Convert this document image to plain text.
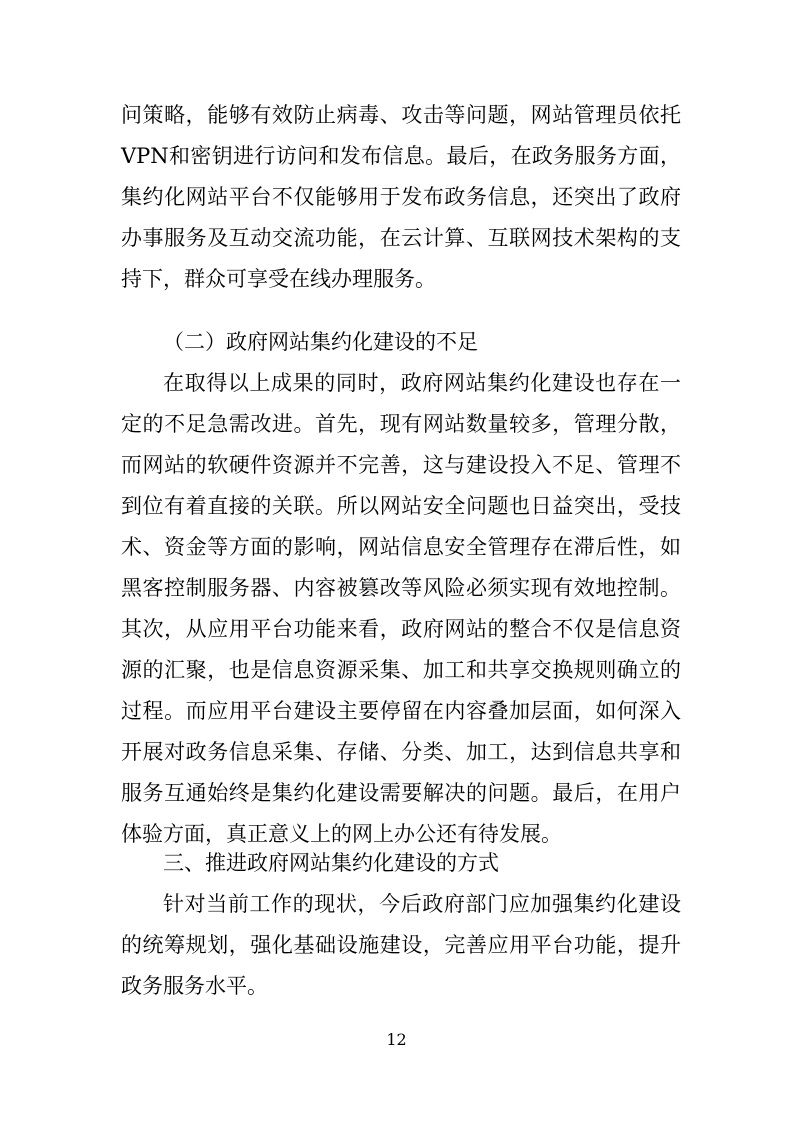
问策略，能够有效防止病毒、攻击等问题，网站管理员依托
VPN和密钥进行访问和发布信息。最后，在政务服务方面，
集约化网站平台不仅能够用于发布政务信息，还突出了政府
办事服务及互动交流功能，在云计算、互联网技术架构的支
持下，群众可享受在线办理服务。
（二）政府网站集约化建设的不足
在取得以上成果的同时，政府网站集约化建设也存在一
定的不足急需改进。首先，现有网站数量较多，管理分散，
而网站的软硬件资源并不完善，这与建设投入不足、管理不
到位有着直接的关联。所以网站安全问题也日益突出，受技
术、资金等方面的影响，网站信息安全管理存在滞后性，如
黑客控制服务器、内容被篡改等风险必须实现有效地控制。
其次，从应用平台功能来看，政府网站的整合不仅是信息资
源的汇聚，也是信息资源采集、加工和共享交换规则确立的
过程。而应用平台建设主要停留在内容叠加层面，如何深入
开展对政务信息采集、存储、分类、加工，达到信息共享和
服务互通始终是集约化建设需要解决的问题。最后，在用户
体验方面，真正意义上的网上办公还有待发展。
三、推进政府网站集约化建设的方式
针对当前工作的现状，今后政府部门应加强集约化建设
的统筹规划，强化基础设施建设，完善应用平台功能，提升
政务服务水平。
12
